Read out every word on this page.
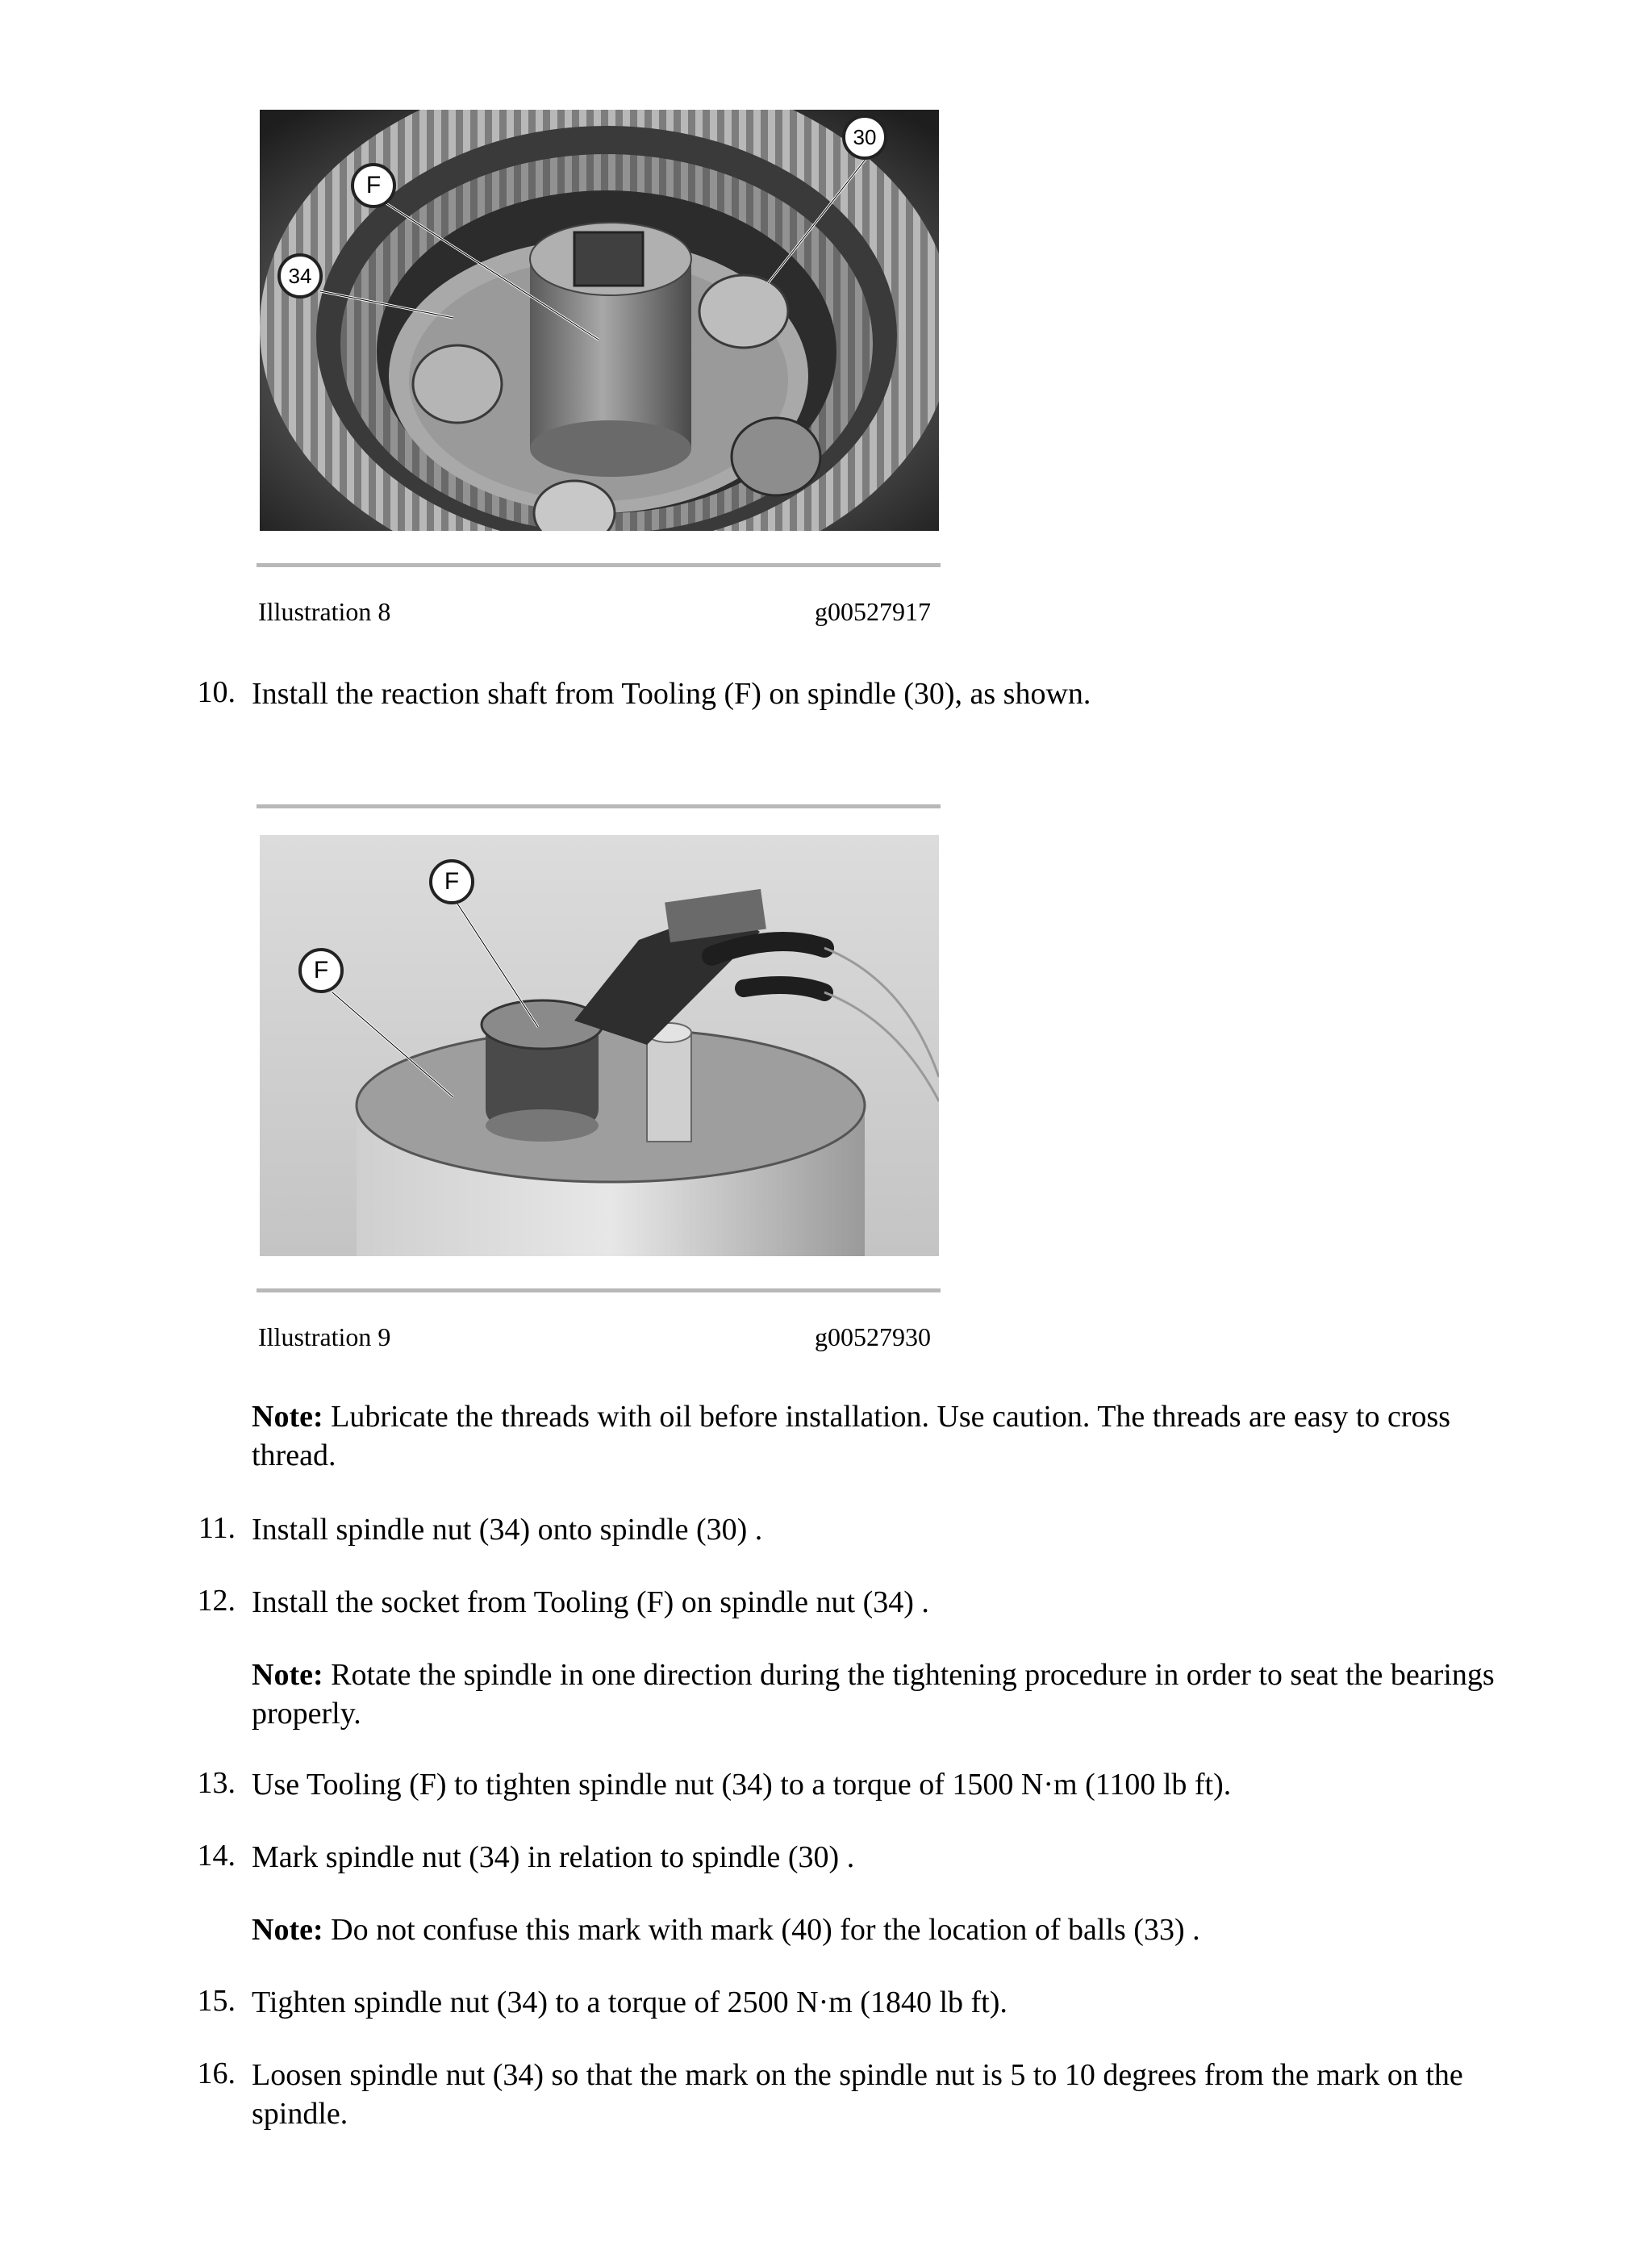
F
34
30
Illustration 8	g00527917
10. Install the reaction shaft from Tooling (F) on spindle (30), as shown.
F
F
Illustration 9	g00527930
Note: Lubricate the threads with oil before installation. Use caution. The threads are easy to cross thread.
11. Install spindle nut (34) onto spindle (30) .
12. Install the socket from Tooling (F) on spindle nut (34) .
Note: Rotate the spindle in one direction during the tightening procedure in order to seat the bearings properly.
13. Use Tooling (F) to tighten spindle nut (34) to a torque of 1500 N·m (1100 lb ft).
14. Mark spindle nut (34) in relation to spindle (30) .
Note: Do not confuse this mark with mark (40) for the location of balls (33) .
15. Tighten spindle nut (34) to a torque of 2500 N·m (1840 lb ft).
16. Loosen spindle nut (34) so that the mark on the spindle nut is 5 to 10 degrees from the mark on the spindle.
